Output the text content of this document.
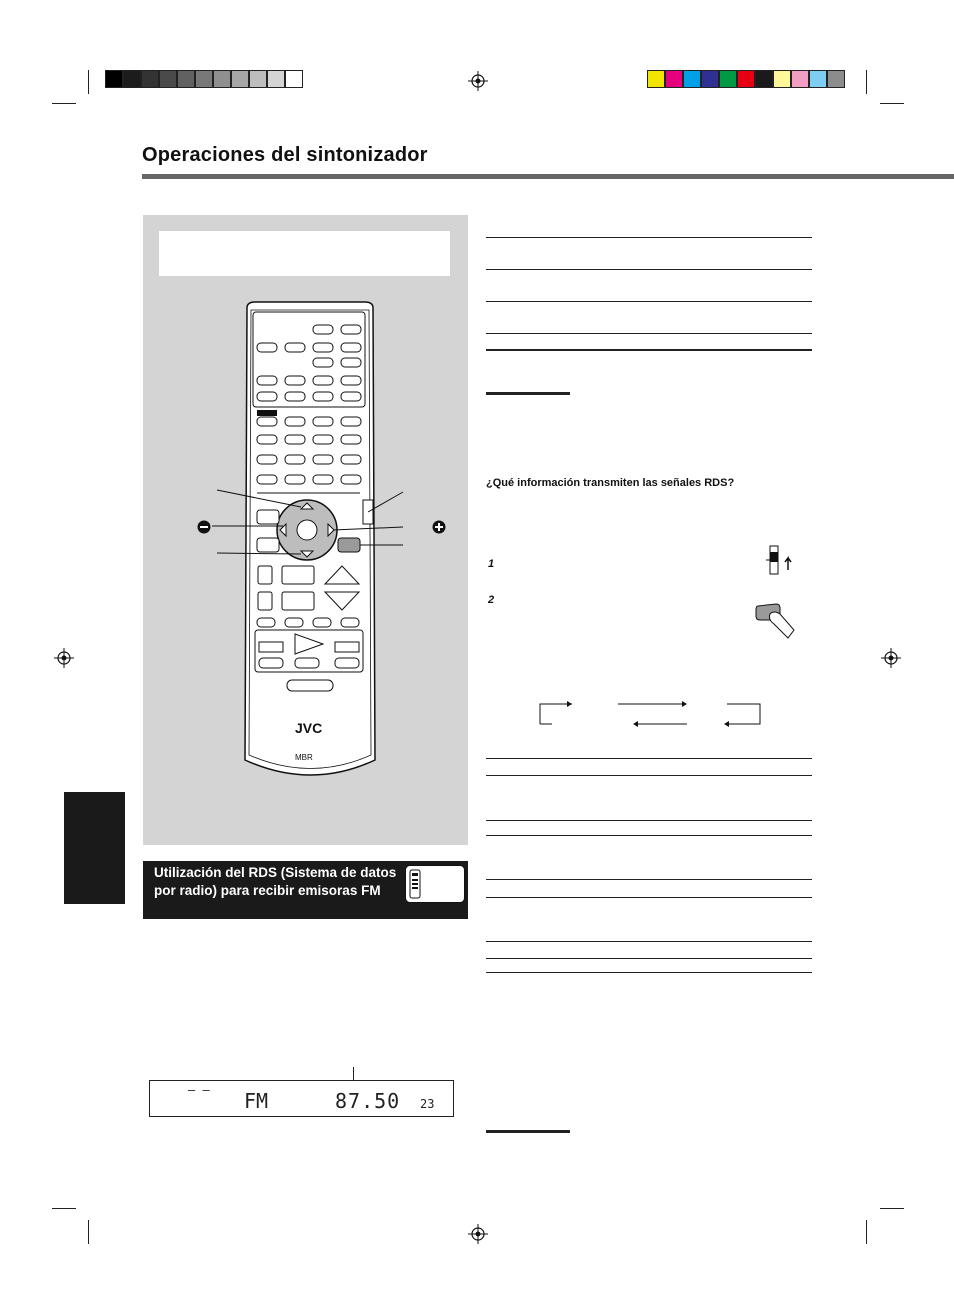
Operaciones del sintonizador
JVC
MBR
Utilización del RDS (Sistema de datos por radio) para recibir emisoras FM
Remote
ONLY
– – FM	87.50 23
¿Qué información transmiten las señales RDS?
1
2
